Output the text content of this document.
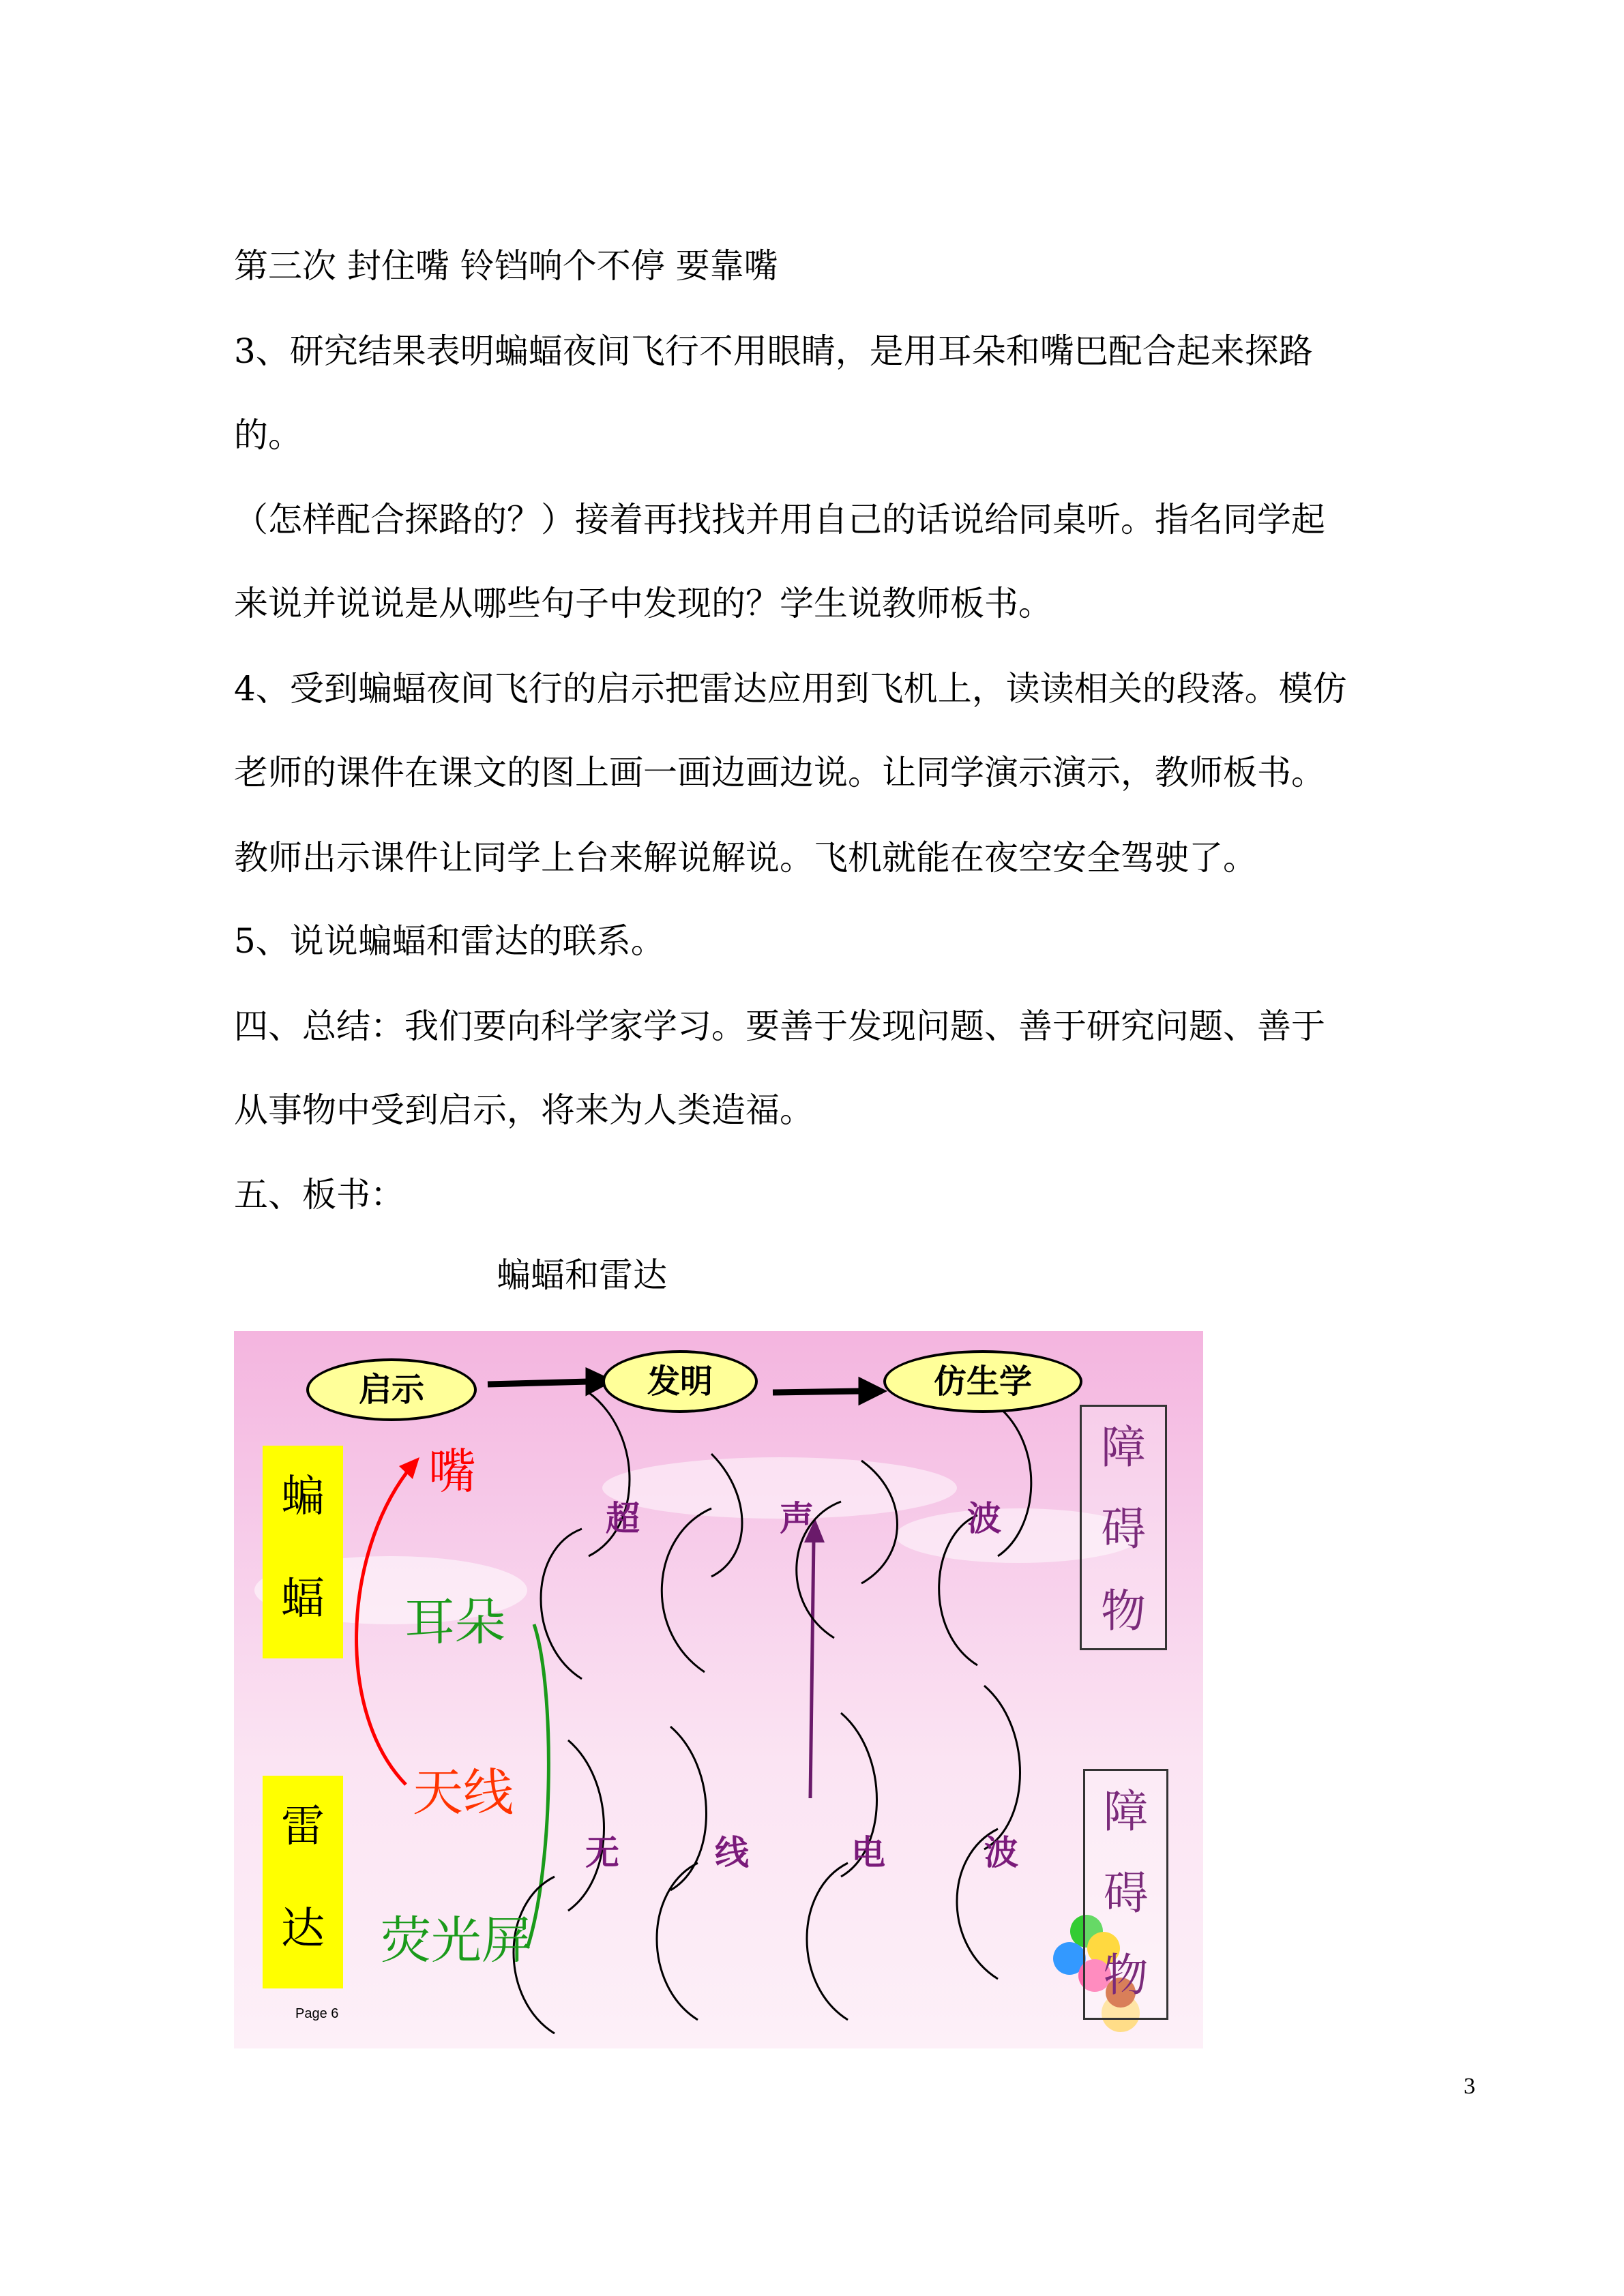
第三次 封住嘴 铃铛响个不停 要靠嘴

3、研究结果表明蝙蝠夜间飞行不用眼睛，是用耳朵和嘴巴配合起来探路

的。

（怎样配合探路的？）接着再找找并用自己的话说给同桌听。指名同学起

来说并说说是从哪些句子中发现的？学生说教师板书。

4、受到蝙蝠夜间飞行的启示把雷达应用到飞机上，读读相关的段落。模仿

老师的课件在课文的图上画一画边画边说。让同学演示演示，教师板书。

教师出示课件让同学上台来解说解说。飞机就能在夜空安全驾驶了。

5、说说蝙蝠和雷达的联系。

四、总结：我们要向科学家学习。要善于发现问题、善于研究问题、善于

从事物中受到启示，将来为人类造福。

五、板书：

蝙蝠和雷达
启示	发明	仿生学
蝙
蝠
雷
达
嘴
耳朵
天线
荧光屏
超	声	波
无	线	电	波
障
碍
物
障
碍
物
Page 6
3
